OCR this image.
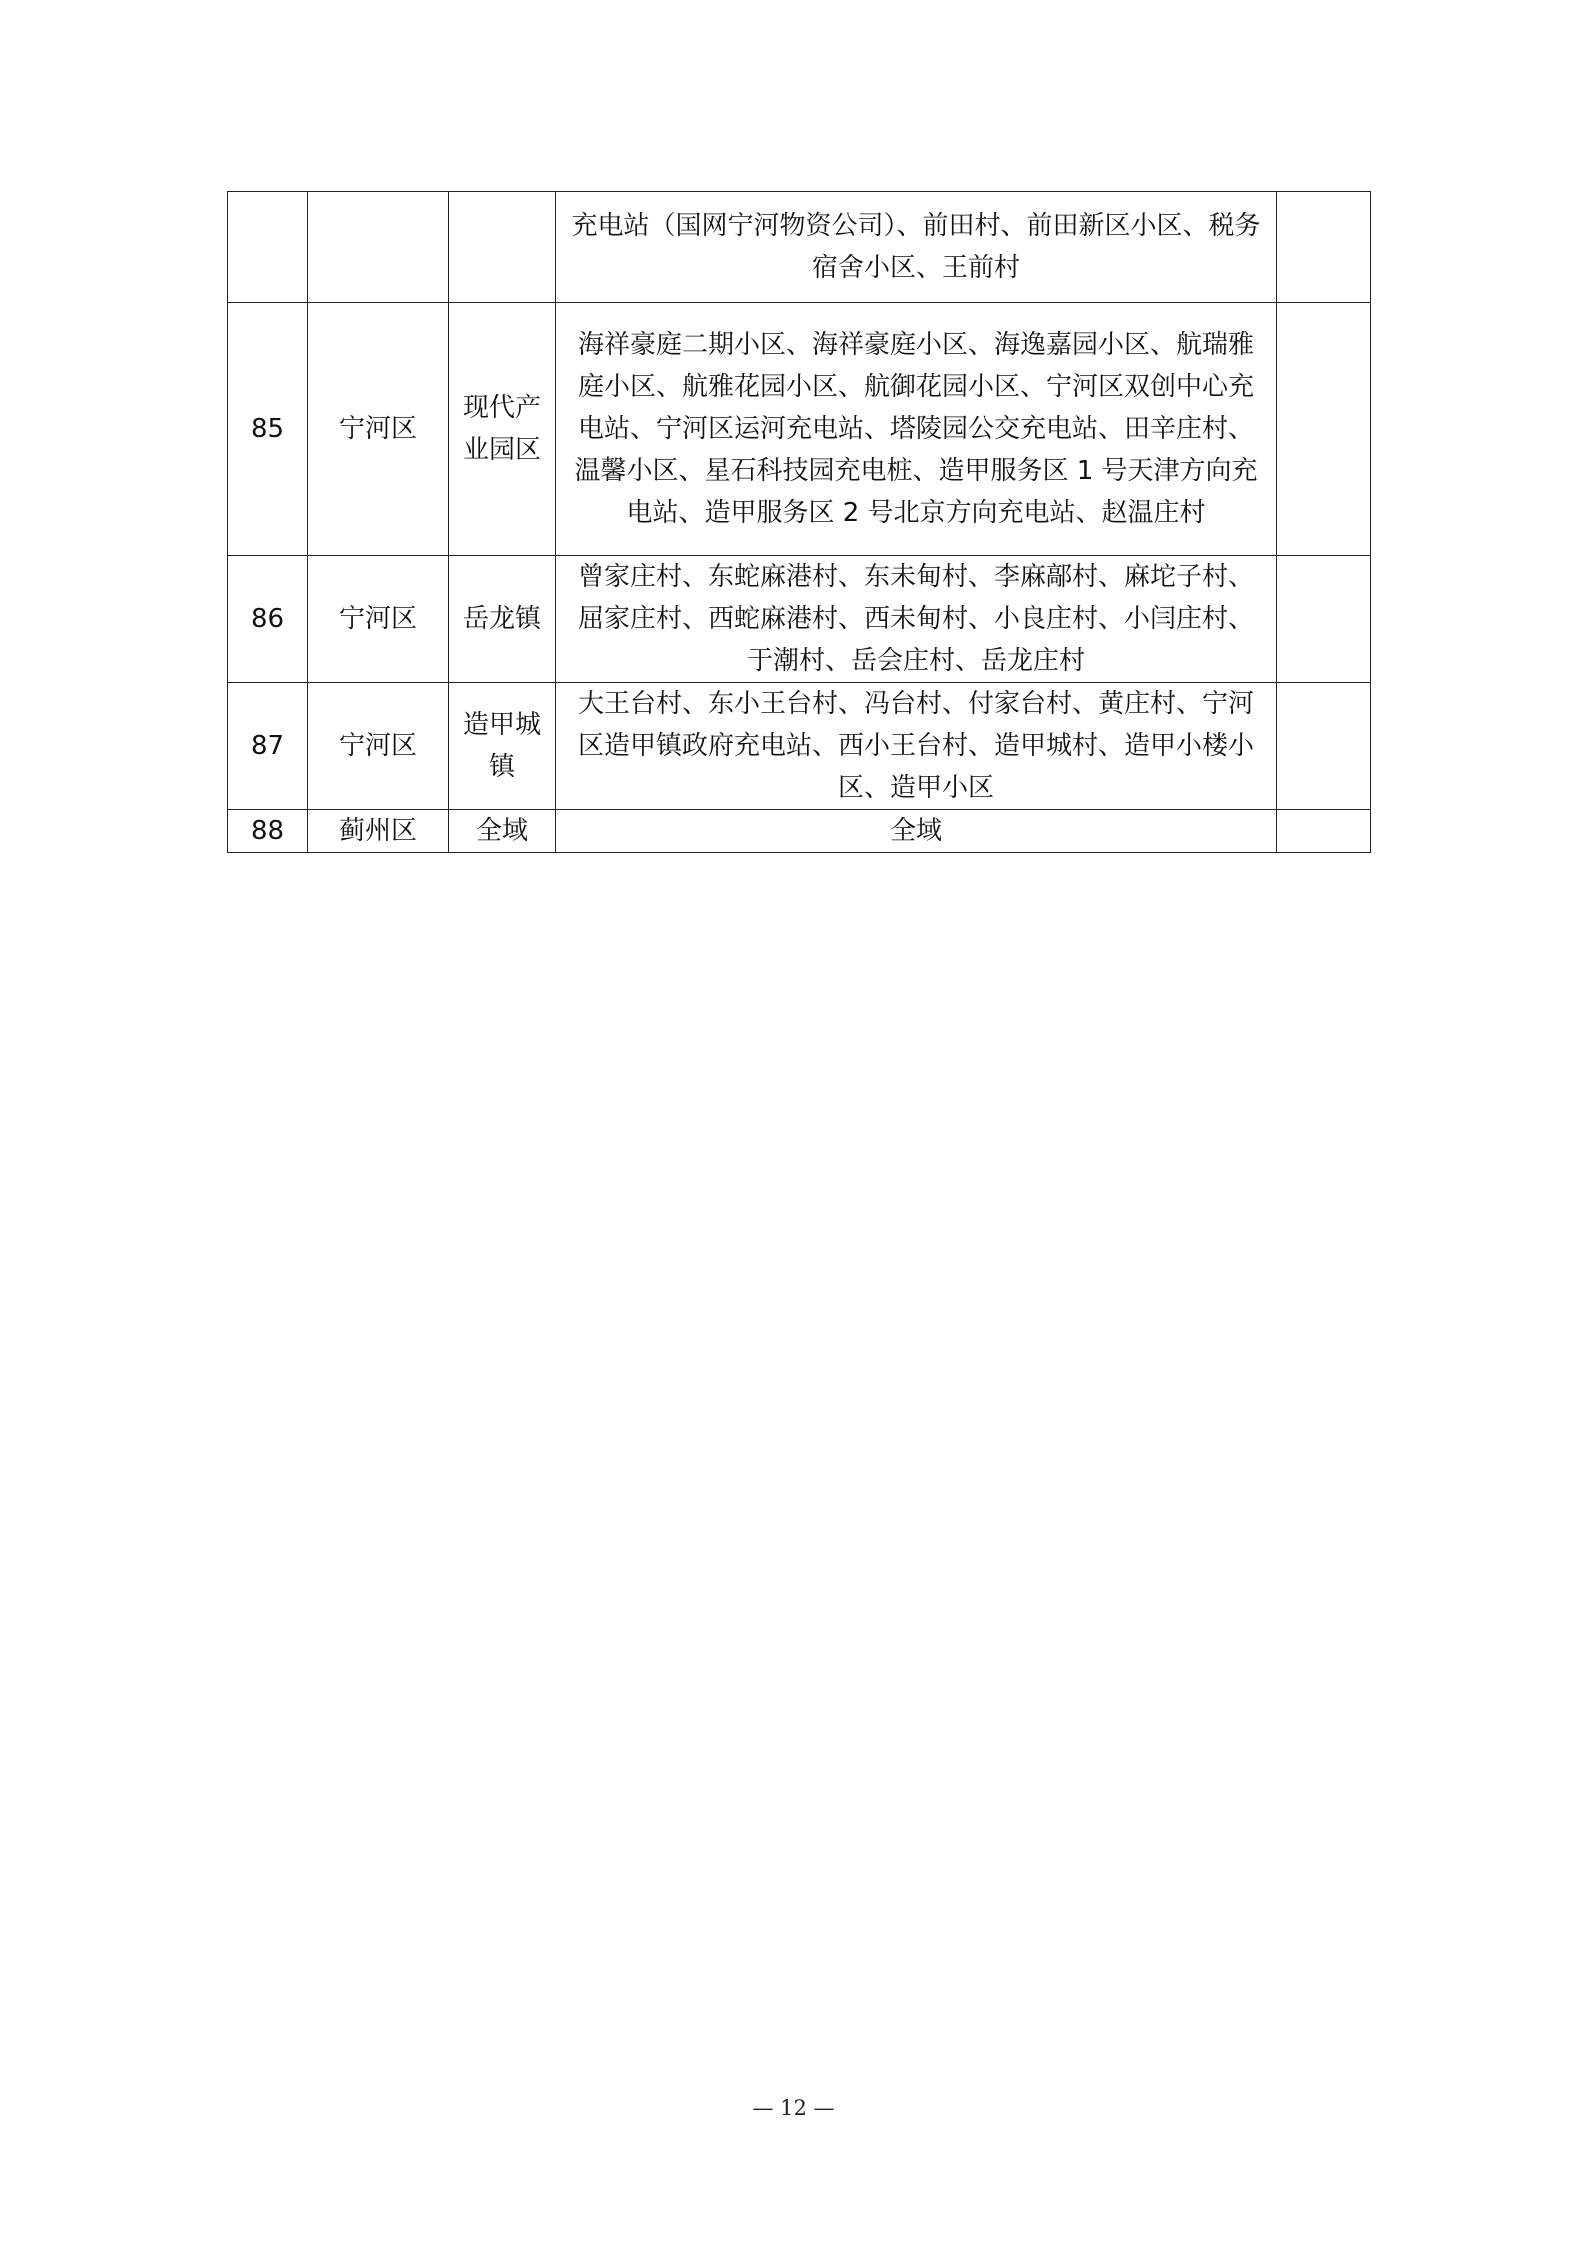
			充电站（国网宁河物资公司）、前田村、前田新区小区、税务宿舍小区、王前村	
85	宁河区	现代产业园区	海祥豪庭二期小区、海祥豪庭小区、海逸嘉园小区、航瑞雅庭小区、航雅花园小区、航御花园小区、宁河区双创中心充电站、宁河区运河充电站、塔陵园公交充电站、田辛庄村、温馨小区、星石科技园充电桩、造甲服务区 1 号天津方向充电站、造甲服务区 2 号北京方向充电站、赵温庄村	
86	宁河区	岳龙镇	曾家庄村、东蛇麻港村、东未甸村、李麻鄗村、麻坨子村、屈家庄村、西蛇麻港村、西未甸村、小良庄村、小闫庄村、于潮村、岳会庄村、岳龙庄村	
87	宁河区	造甲城镇	大王台村、东小王台村、冯台村、付家台村、黄庄村、宁河区造甲镇政府充电站、西小王台村、造甲城村、造甲小楼小区、造甲小区	
88	蓟州区	全域	全域	
— 12 —
